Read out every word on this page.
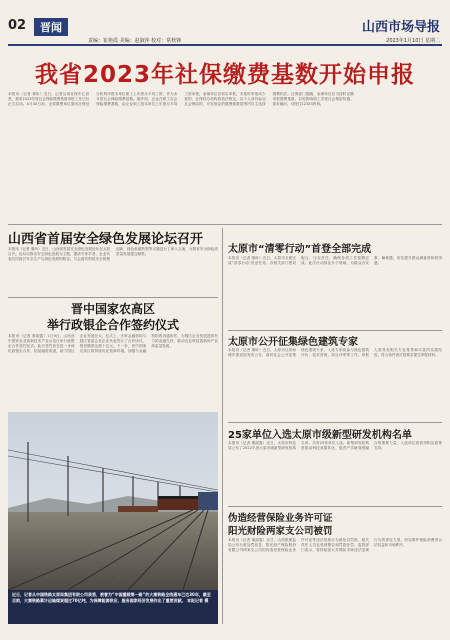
02	晋闻	山西市场导报
责编：崔艳霞 美编：赵淑萍 校对：常秋锋	2023年1月10日 星期二
我省2023年社保缴费基数开始申报
本报讯（记者 秦昕）近日，记者从省社保中心获悉，我省2023年度社会保险缴费基数申报工作已经正式启动。4月30日前，全省缴费单位需向社保经办机构申报本单位职工上年度月平均工资，作为本年度社会保险缴费基数。据介绍，企业在职工社会保险缴费基数，由企业职工按本单位上年度月平均工资申报，参保单位应如实申报，未按时申报或少报的，社保经办机构将依法核定。以个人身份参加社会保险的，可在规定的缴费基数范围内自主选择缴费档次。社保部门提醒，参保单位应当按时足额申报缴费基数，以免影响职工享受社会保险待遇。如有疑问，可拨打12333咨询。
山西省首届安全绿色发展论坛召开
本报讯（记者 秦昕）近日，山西省首届安全绿色发展论坛在太原召开。论坛以推动安全绿色发展为主题，邀请专家学者、企业代表共同探讨安全生产与绿色发展的路径。与会嘉宾围绕安全管理创新、绿色低碳转型等议题进行了深入交流，为我省安全绿色高质量发展建言献策。
晋中国家农高区
举行政银企合作签约仪式
本报讯（记者 秦丽霞）1月9日，山西晋中国家农业高新技术产业示范区举行政银企合作签约仪式。此次签约旨在进一步深化政银企合作，拓宽融资渠道，助力园区企业发展壮大。仪式上，多家金融机构与园区管委会及企业代表签订了合作协议，授信额度达数十亿元。下一步，晋中国家农高区将持续优化营商环境，加强与金融机构的沟通协作，为园区企业发展提供有力的金融支持，推动农业科技创新和产业高质量发展。
近日，记者从中国铁路太原局集团有限公司获悉，被誉为“中国重载第一路”的大秦铁路全线通车已达30年，截至目前，大秦铁路累计运输煤炭超过70亿吨，为保障能源供应、服务国家经济发展作出了重要贡献。 本报记者 摄
太原市“清零行动”首登全部完成
本报讯（记者 秦昕）近日，太原市全面完成“清零行动”首登任务，各相关部门密切配合，压实责任，确保各项工作按期完成。此次行动涉及多个领域，为群众办实事、解难题，切实提升群众满意度和获得感。
太原市公开征集绿色建筑专家
本报讯（记者 秦昕）近日，太原市住房和城乡建设局发布公告，面向社会公开征集绿色建筑专家。入选专家将参与绿色建筑评价、技术咨询、项目评审等工作。申报人需具有相关专业背景和丰富的实践经验，符合条件者可按要求提交申报材料。
25家单位入选太原市级新型研发机构名单
本报讯（记者 秦丽霞）近日，太原市科技局公布了2022年度太原市级新型研发机构名单，共有25家单位入选。新型研发机构是推动科技成果转化、促进产学研深度融合的重要力量，入选单位将获得相应政策支持。
伪造经营保险业务许可证
阳光财险两家支公司被罚
本报讯（记者 秦丽霞）近日，山西银保监局公布行政处罚信息，阳光财产保险股份有限公司两家支公司因伪造经营保险业务许可证等违法违规行为被处以罚款，相关责任人员也受到警告和罚款处罚。监管部门表示，将持续加大对保险市场违法违规行为的查处力度，切实维护保险消费者合法权益和市场秩序。
